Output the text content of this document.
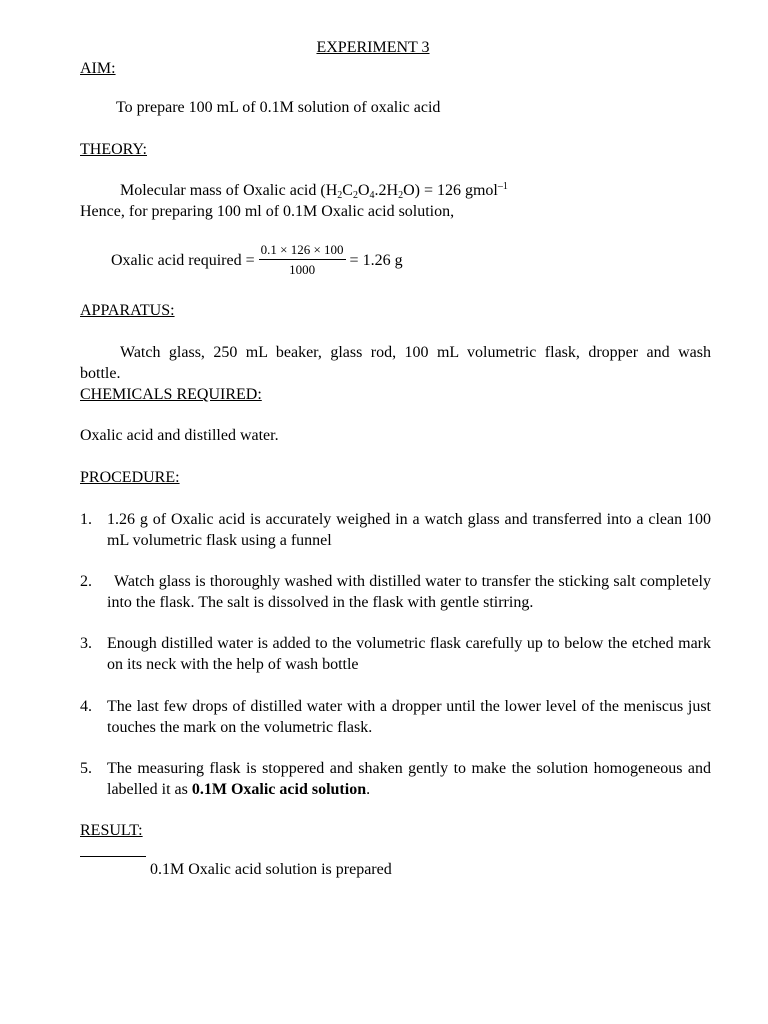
EXPERIMENT 3
AIM:
To prepare 100 mL of 0.1M solution of oxalic acid
THEORY:
Molecular mass of Oxalic acid $(H_2C_2O_4.2H_2O) = 126$ gmol$^{-1}$
Hence, for preparing 100 ml of 0.1M Oxalic acid solution,
Oxalic acid required = $\frac{0.1 \times 126 \times 100}{1000} = 1.26$ g
APPARATUS:
Watch glass, 250 mL beaker, glass rod, 100 mL volumetric flask, dropper and wash
bottle.
CHEMICALS REQUIRED:
Oxalic acid and distilled water.
PROCEDURE:
1. 1.26 g of Oxalic acid is accurately weighed in a watch glass and transferred into a clean 100 mL volumetric flask using a funnel
2.	Watch glass is thoroughly washed with distilled water to transfer the sticking salt completely into the flask. The salt is dissolved in the flask with gentle stirring.
3. Enough distilled water is added to the volumetric flask carefully up to below the etched mark on its neck with the help of wash bottle
4. The last few drops of distilled water with a dropper until the lower level of the meniscus just touches the mark on the volumetric flask.
5. The measuring flask is stoppered and shaken gently to make the solution homogeneous and labelled it as 0.1M Oxalic acid solution.
RESULT:
0.1M Oxalic acid solution is prepared
